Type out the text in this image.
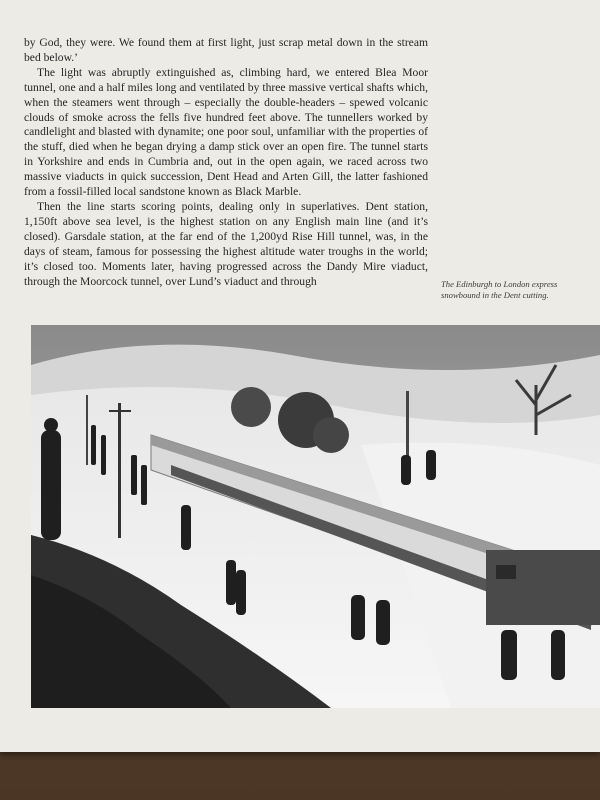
by God, they were. We found them at first light, just scrap metal down in the stream bed below.’

The light was abruptly extinguished as, climbing hard, we entered Blea Moor tunnel, one and a half miles long and ventilated by three massive vertical shafts which, when the steamers went through – especially the double-headers – spewed volcanic clouds of smoke across the fells five hundred feet above. The tunnellers worked by candlelight and blasted with dynamite; one poor soul, unfamiliar with the properties of the stuff, died when he began drying a damp stick over an open fire. The tunnel starts in Yorkshire and ends in Cumbria and, out in the open again, we raced across two massive viaducts in quick succession, Dent Head and Arten Gill, the latter fashioned from a fossil-filled local sandstone known as Black Marble.

Then the line starts scoring points, dealing only in superlatives. Dent station, 1,150ft above sea level, is the highest station on any English main line (and it’s closed). Garsdale station, at the far end of the 1,200yd Rise Hill tunnel, was, in the days of steam, famous for possessing the highest altitude water troughs in the world; it’s closed too. Moments later, having progressed across the Dandy Mire viaduct, through the Moorcock tunnel, over Lund’s viaduct and through	The Edinburgh to London express snowbound in the Dent cutting.
